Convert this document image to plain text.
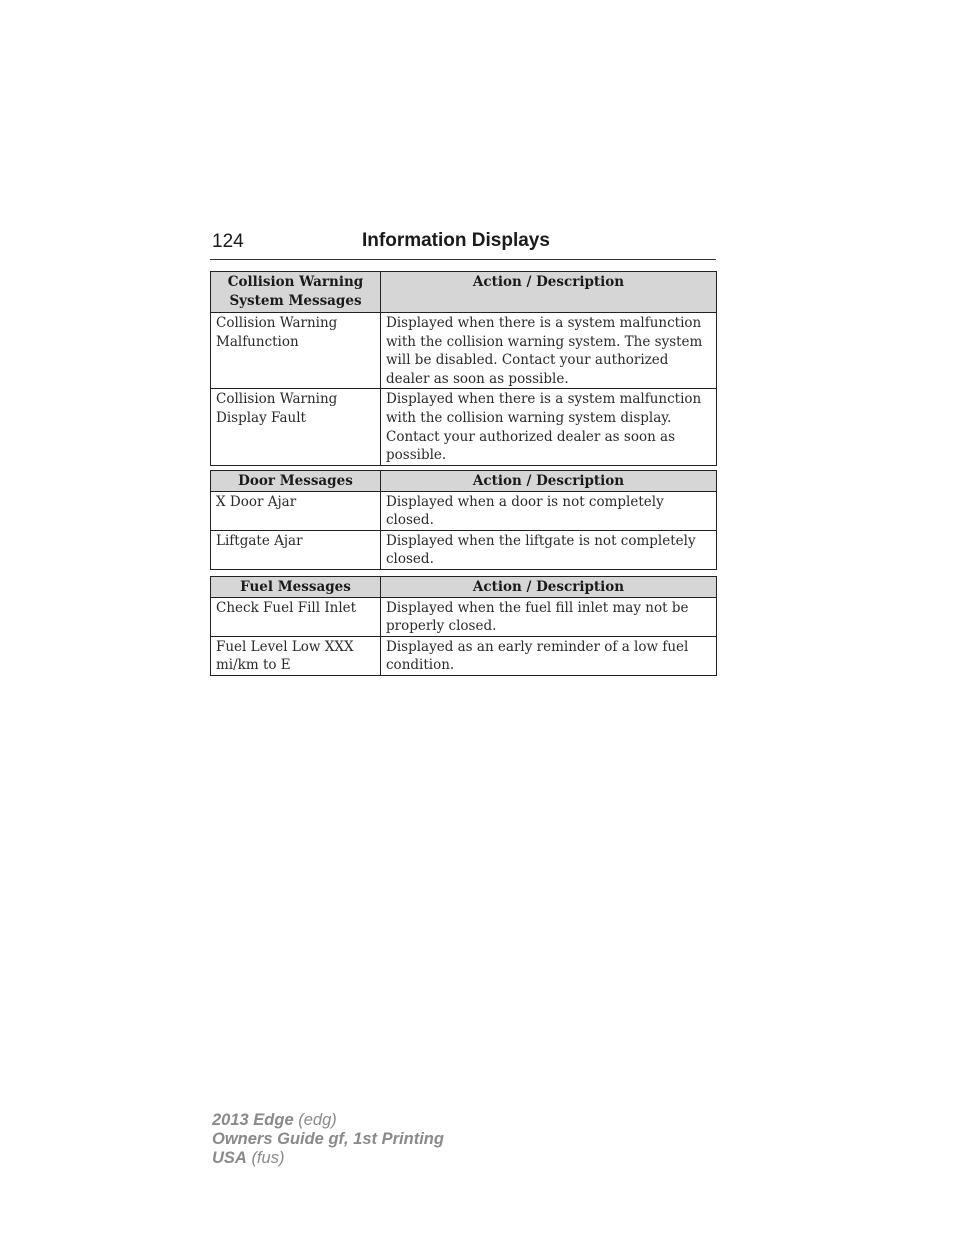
124	Information Displays
Collision Warning System Messages	Action / Description
Collision Warning Malfunction	Displayed when there is a system malfunction with the collision warning system. The system will be disabled. Contact your authorized dealer as soon as possible.
Collision Warning Display Fault	Displayed when there is a system malfunction with the collision warning system display. Contact your authorized dealer as soon as possible.
Door Messages	Action / Description
X Door Ajar	Displayed when a door is not completely closed.
Liftgate Ajar	Displayed when the liftgate is not completely closed.
Fuel Messages	Action / Description
Check Fuel Fill Inlet	Displayed when the fuel fill inlet may not be properly closed.
Fuel Level Low XXX mi/km to E	Displayed as an early reminder of a low fuel condition.
2013 Edge (edg)
Owners Guide gf, 1st Printing
USA (fus)
